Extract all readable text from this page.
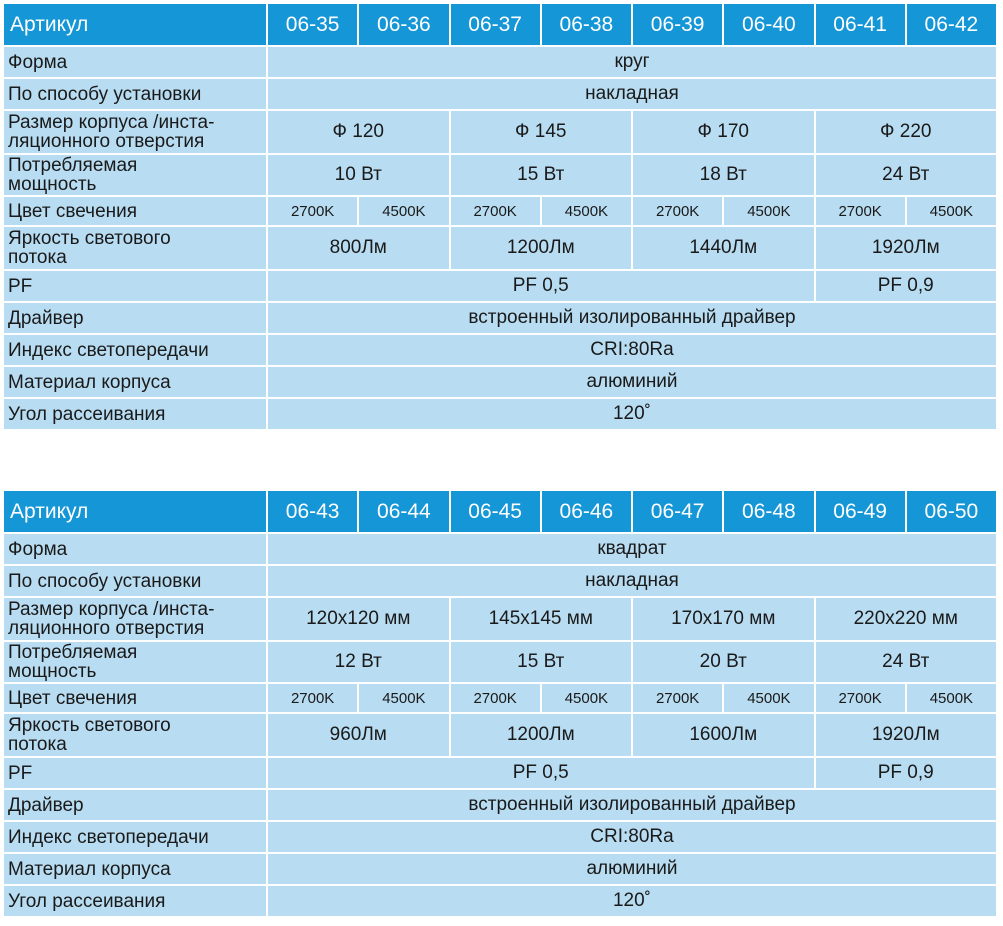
Артикул	06-35	06-36	06-37	06-38	06-39	06-40	06-41	06-42
Форма	круг							
По способу установки	накладная							
Размер корпуса /инста-
ляционного отверстия	Ф 120		Ф 145		Ф 170		Ф 220	
Потребляемая
мощность	10 Вт		15 Вт		18 Вт		24 Вт	
Цвет свечения	2700K	4500K	2700K	4500K	2700K	4500K	2700K	4500K
Яркость светового
потока	800Лм		1200Лм		1440Лм		1920Лм	
PF	PF 0,5						PF 0,9	
Драйвер	встроенный изолированный драйвер							
Индекс светопередачи	CRI:80Ra							
Материал корпуса	алюминий							
Угол рассеивания	120˚							
Артикул	06-43	06-44	06-45	06-46	06-47	06-48	06-49	06-50
Форма	квадрат							
По способу установки	накладная							
Размер корпуса /инста-
ляционного отверстия	120x120 мм		145x145 мм		170x170 мм		220x220 мм	
Потребляемая
мощность	12 Вт		15 Вт		20 Вт		24 Вт	
Цвет свечения	2700K	4500K	2700K	4500K	2700K	4500K	2700K	4500K
Яркость светового
потока	960Лм		1200Лм		1600Лм		1920Лм	
PF	PF 0,5						PF 0,9	
Драйвер	встроенный изолированный драйвер							
Индекс светопередачи	CRI:80Ra							
Материал корпуса	алюминий							
Угол рассеивания	120˚							
